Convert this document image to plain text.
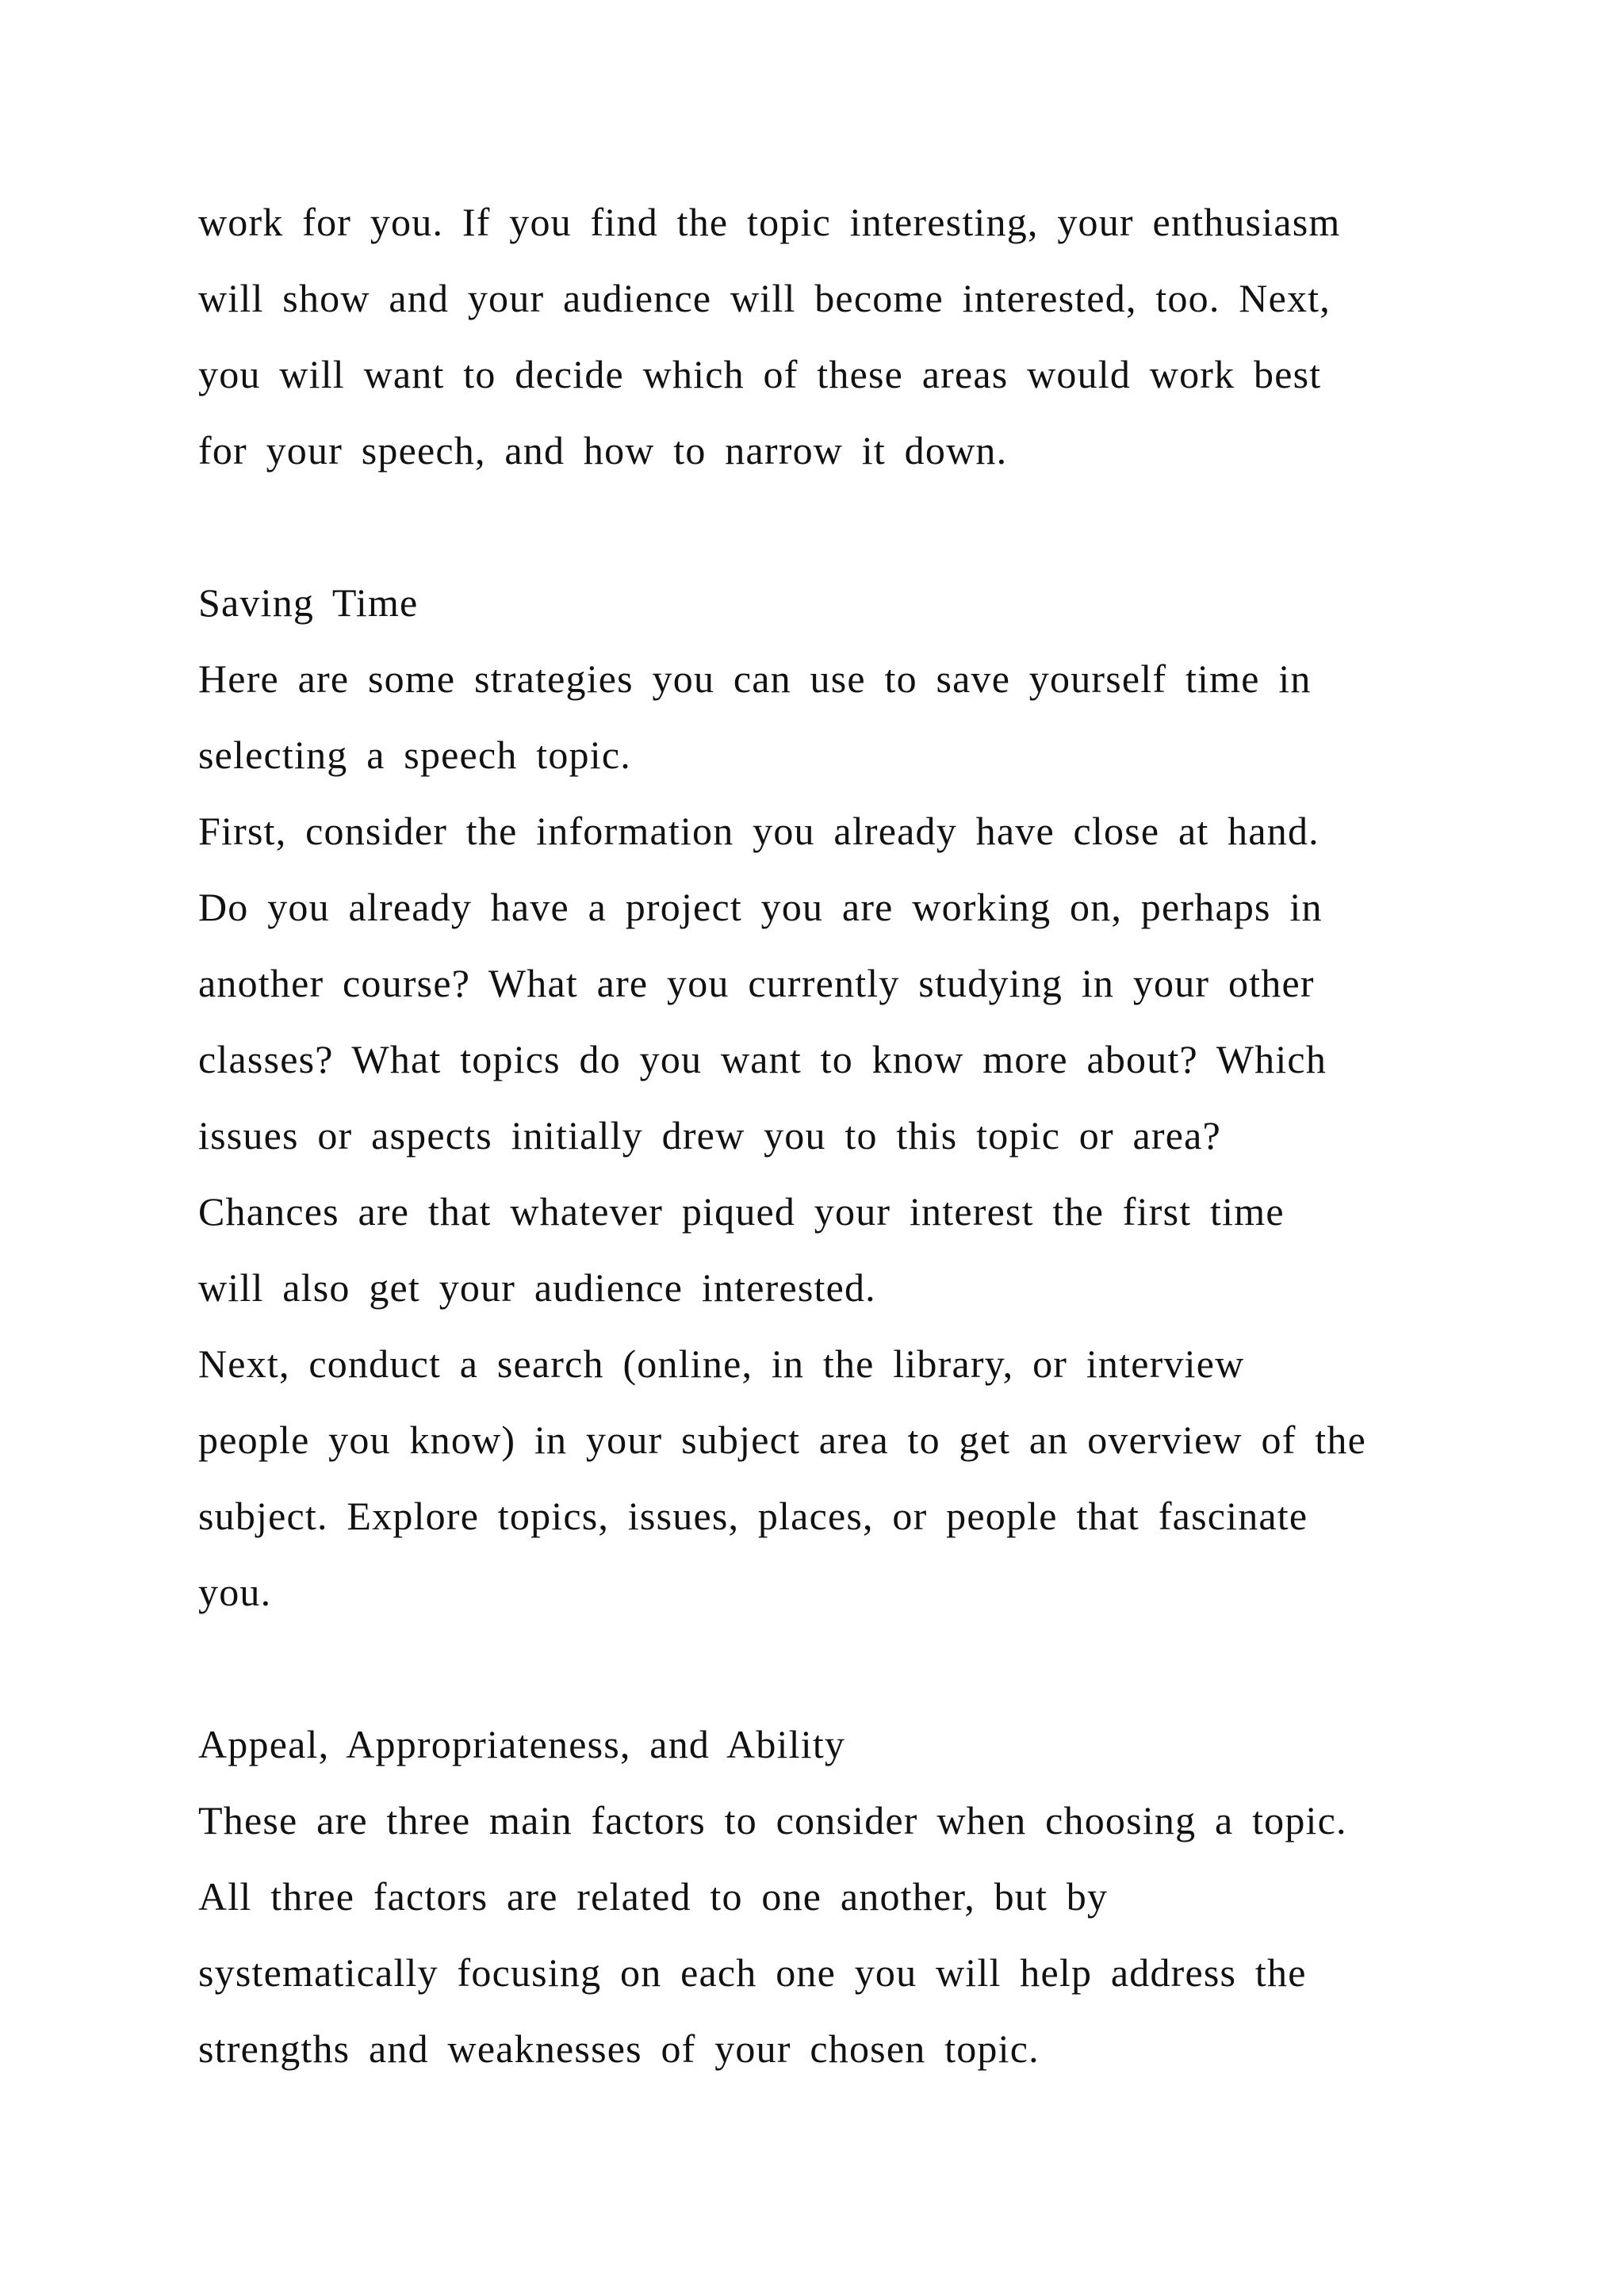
work for you. If you find the topic interesting, your enthusiasm
will show and your audience will become interested, too. Next,
you will want to decide which of these areas would work best
for your speech, and how to narrow it down.
Saving Time
Here are some strategies you can use to save yourself time in
selecting a speech topic.
First, consider the information you already have close at hand.
Do you already have a project you are working on, perhaps in
another course? What are you currently studying in your other
classes? What topics do you want to know more about? Which
issues or aspects initially drew you to this topic or area?
Chances are that whatever piqued your interest the first time
will also get your audience interested.
Next, conduct a search (online, in the library, or interview
people you know) in your subject area to get an overview of the
subject. Explore topics, issues, places, or people that fascinate
you.
Appeal, Appropriateness, and Ability
These are three main factors to consider when choosing a topic.
All three factors are related to one another, but by
systematically focusing on each one you will help address the
strengths and weaknesses of your chosen topic.
